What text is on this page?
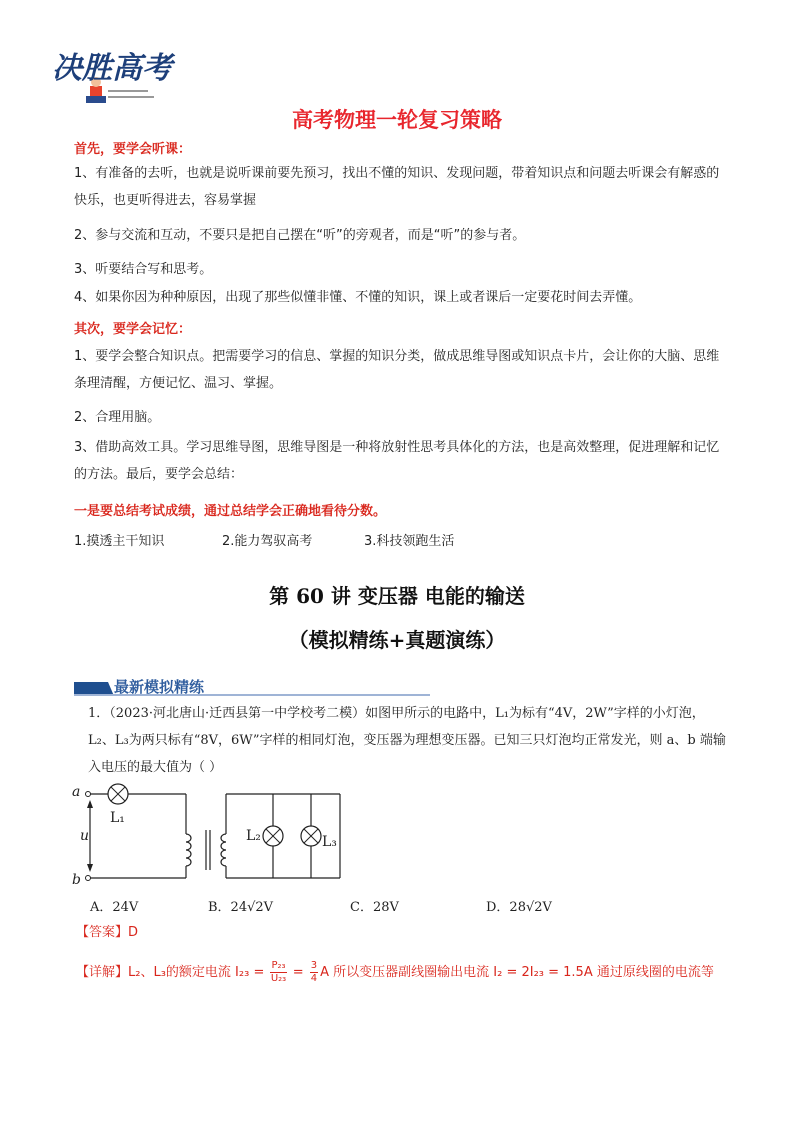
决胜高考
高考物理一轮复习策略
首先，要学会听课：
1、有准备的去听，也就是说听课前要先预习，找出不懂的知识、发现问题，带着知识点和问题去听课会有解惑的快乐，也更听得进去，容易掌握
2、参与交流和互动，不要只是把自己摆在“听”的旁观者，而是“听”的参与者。
3、听要结合写和思考。
4、如果你因为种种原因，出现了那些似懂非懂、不懂的知识，课上或者课后一定要花时间去弄懂。
其次，要学会记忆：
1、要学会整合知识点。把需要学习的信息、掌握的知识分类，做成思维导图或知识点卡片，会让你的大脑、思维条理清醒，方便记忆、温习、掌握。
2、合理用脑。
3、借助高效工具。学习思维导图，思维导图是一种将放射性思考具体化的方法，也是高效整理，促进理解和记忆的方法。最后，要学会总结：
一是要总结考试成绩，通过总结学会正确地看待分数。
1.摸透主干知识	2.能力驾驭高考	3.科技领跑生活
第 60 讲 变压器 电能的输送
（模拟精练+真题演练）
最新模拟精练
1．（2023·河北唐山·迁西县第一中学校考二模）如图甲所示的电路中，L₁为标有“4V，2W”字样的小灯泡，L₂、L₃为两只标有“8V，6W”字样的相同灯泡，变压器为理想变压器。已知三只灯泡均正常发光，则 a、b 端输入电压的最大值为（ ）
a
b
u
L₁
L₂	L₃
A．24V	B．24√2V	C．28V	D．28√2V
【答案】D
【详解】L₂、L₃的额定电流 $I_{23} = \frac{\text{P₂₃}}{\text{U₂₃}} = \frac{3}{4}$ A 所以变压器副线圈输出电流 I₂ = 2I₂₃ = 1.5A 通过原线圈的电流等
